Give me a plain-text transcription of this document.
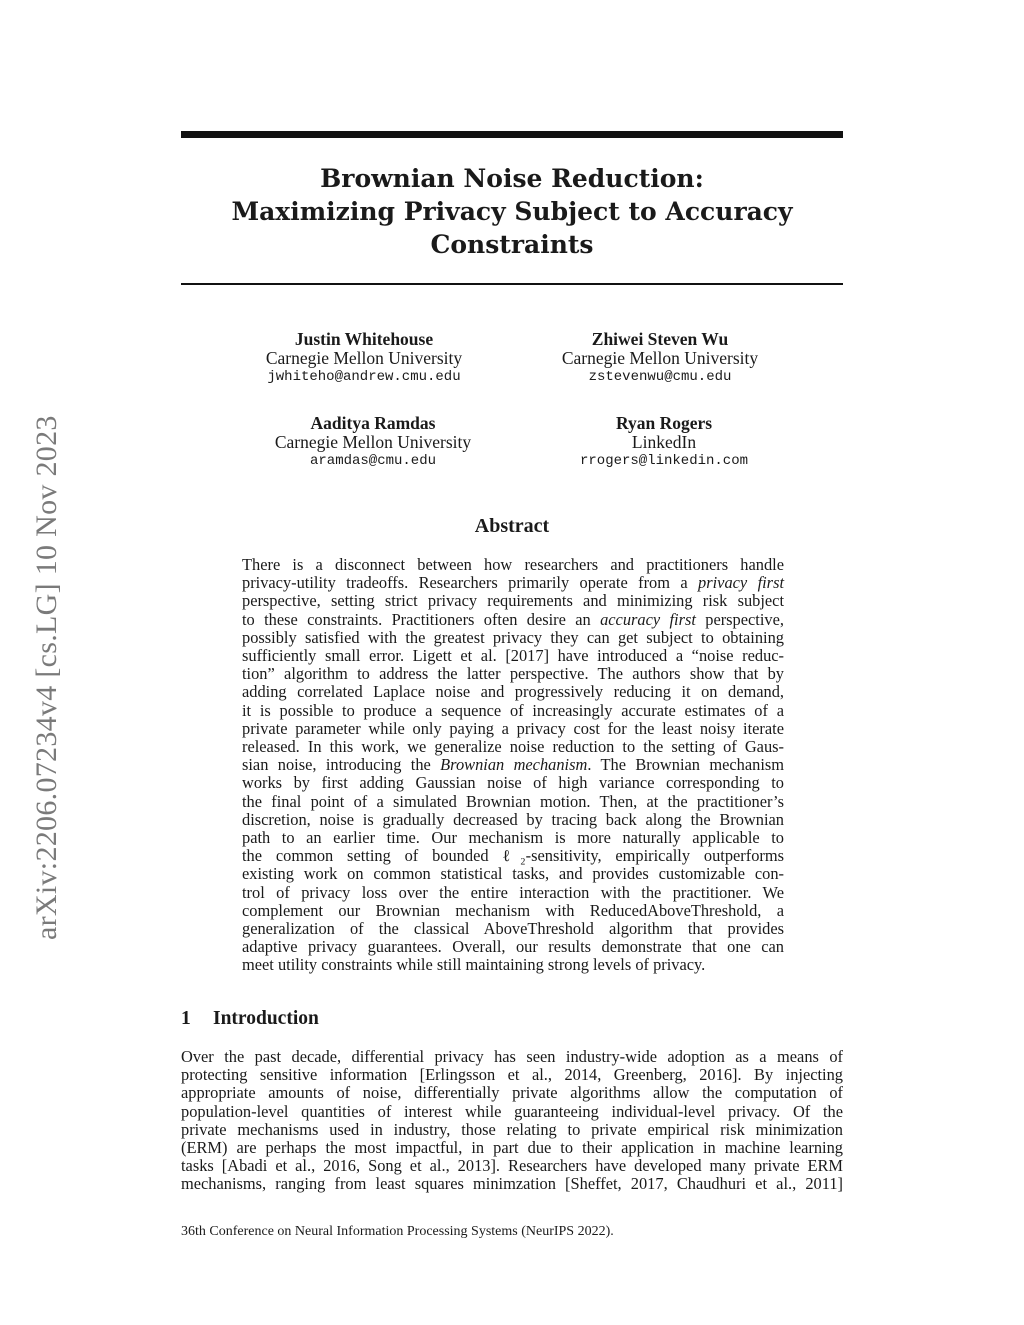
arXiv:2206.07234v4 [cs.LG] 10 Nov 2023
Brownian Noise Reduction:
Maximizing Privacy Subject to Accuracy
Constraints
Justin Whitehouse
Carnegie Mellon University
jwhiteho@andrew.cmu.edu
Zhiwei Steven Wu
Carnegie Mellon University
zstevenwu@cmu.edu
Aaditya Ramdas
Carnegie Mellon University
aramdas@cmu.edu
Ryan Rogers
LinkedIn
rrogers@linkedin.com
Abstract
There is a disconnect between how researchers and practitioners handle
privacy-utility tradeoffs. Researchers primarily operate from a privacy first
perspective, setting strict privacy requirements and minimizing risk subject
to these constraints. Practitioners often desire an accuracy first perspective,
possibly satisfied with the greatest privacy they can get subject to obtaining
sufficiently small error. Ligett et al. [2017] have introduced a “noise reduc-
tion” algorithm to address the latter perspective. The authors show that by
adding correlated Laplace noise and progressively reducing it on demand,
it is possible to produce a sequence of increasingly accurate estimates of a
private parameter while only paying a privacy cost for the least noisy iterate
released. In this work, we generalize noise reduction to the setting of Gaus-
sian noise, introducing the Brownian mechanism. The Brownian mechanism
works by first adding Gaussian noise of high variance corresponding to
the final point of a simulated Brownian motion. Then, at the practitioner’s
discretion, noise is gradually decreased by tracing back along the Brownian
path to an earlier time. Our mechanism is more naturally applicable to
the common setting of bounded ℓ₂-sensitivity, empirically outperforms
existing work on common statistical tasks, and provides customizable con-
trol of privacy loss over the entire interaction with the practitioner. We
complement our Brownian mechanism with ReducedAboveThreshold, a
generalization of the classical AboveThreshold algorithm that provides
adaptive privacy guarantees. Overall, our results demonstrate that one can
meet utility constraints while still maintaining strong levels of privacy.
1 Introduction
Over the past decade, differential privacy has seen industry-wide adoption as a means of
protecting sensitive information [Erlingsson et al., 2014, Greenberg, 2016]. By injecting
appropriate amounts of noise, differentially private algorithms allow the computation of
population-level quantities of interest while guaranteeing individual-level privacy. Of the
private mechanisms used in industry, those relating to private empirical risk minimization
(ERM) are perhaps the most impactful, in part due to their application in machine learning
tasks [Abadi et al., 2016, Song et al., 2013]. Researchers have developed many private ERM
mechanisms, ranging from least squares minimzation [Sheffet, 2017, Chaudhuri et al., 2011]
36th Conference on Neural Information Processing Systems (NeurIPS 2022).
